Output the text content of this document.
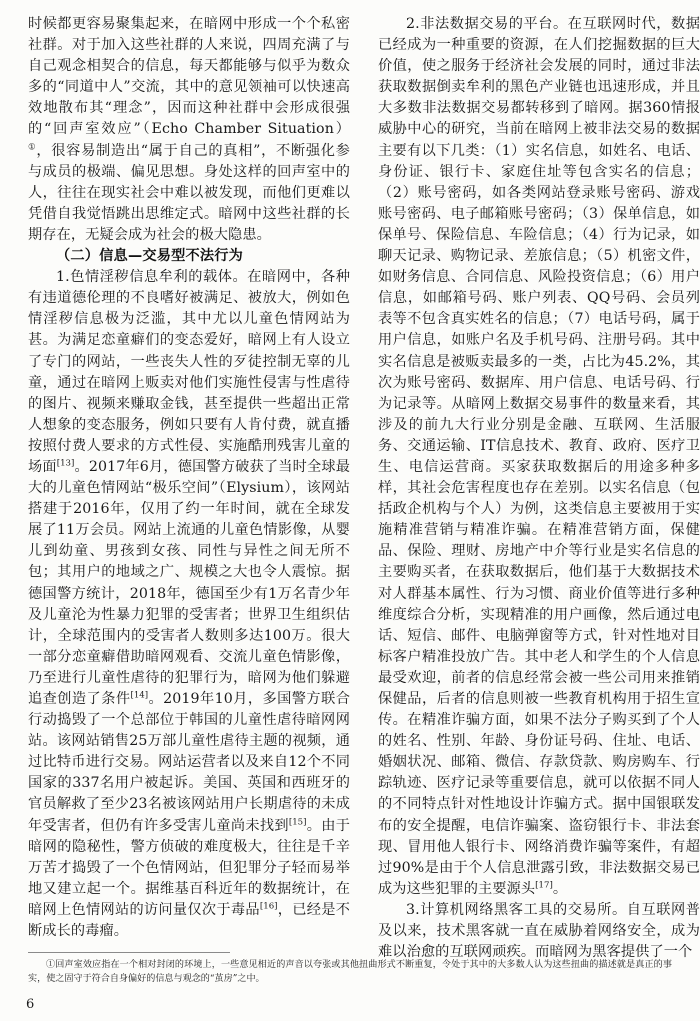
时候都更容易聚集起来，在暗网中形成一个个私密社群。对于加入这些社群的人来说，四周充满了与自己观念相契合的信息，每天都能够与似乎为数众多的“同道中人”交流，其中的意见领袖可以快速高效地散布其“理念”，因而这种社群中会形成很强的“回声室效应”（Echo Chamber Situation）①，很容易制造出“属于自己的真相”，不断强化参与成员的极端、偏见思想。身处这样的回声室中的人，往往在现实社会中难以被发现，而他们更难以凭借自我觉悟跳出思维定式。暗网中这些社群的长期存在，无疑会成为社会的极大隐患。

（二）信息—交易型不法行为

1.色情淫秽信息牟利的载体。在暗网中，各种有违道德伦理的不良嗜好被满足、被放大，例如色情淫秽信息极为泛滥，其中尤以儿童色情网站为甚。为满足恋童癖们的变态爱好，暗网上有人设立了专门的网站，一些丧失人性的歹徒控制无辜的儿童，通过在暗网上贩卖对他们实施性侵害与性虐待的图片、视频来赚取金钱，甚至提供一些超出正常人想象的变态服务，例如只要有人肯付费，就直播按照付费人要求的方式性侵、实施酷刑残害儿童的场面[13]。2017年6月，德国警方破获了当时全球最大的儿童色情网站“极乐空间”（Elysium），该网站搭建于2016年，仅用了约一年时间，就在全球发展了11万会员。网站上流通的儿童色情影像，从婴儿到幼童、男孩到女孩、同性与异性之间无所不包；其用户的地域之广、规模之大也令人震惊。据德国警方统计，2018年，德国至少有1万名青少年及儿童沦为性暴力犯罪的受害者；世界卫生组织估计，全球范围内的受害者人数则多达100万。很大一部分恋童癖借助暗网观看、交流儿童色情影像，乃至进行儿童性虐待的犯罪行为，暗网为他们躲避追查创造了条件[14]。2019年10月，多国警方联合行动捣毁了一个总部位于韩国的儿童性虐待暗网网站。该网站销售25万部儿童性虐待主题的视频，通过比特币进行交易。网站运营者以及来自12个不同国家的337名用户被起诉。美国、英国和西班牙的官员解救了至少23名被该网站用户长期虐待的未成年受害者，但仍有许多受害儿童尚未找到[15]。由于暗网的隐秘性，警方侦破的难度极大，往往是千辛万苦才捣毁了一个色情网站，但犯罪分子轻而易举地又建立起一个。据维基百科近年的数据统计，在暗网上色情网站的访问量仅次于毒品[16]，已经是不断成长的毒瘤。

2.非法数据交易的平台。在互联网时代，数据已经成为一种重要的资源，在人们挖掘数据的巨大价值，使之服务于经济社会发展的同时，通过非法获取数据倒卖牟利的黑色产业链也迅速形成，并且大多数非法数据交易都转移到了暗网。据360情报威胁中心的研究，当前在暗网上被非法交易的数据主要有以下几类：（1）实名信息，如姓名、电话、身份证、银行卡、家庭住址等包含实名的信息；（2）账号密码，如各类网站登录账号密码、游戏账号密码、电子邮箱账号密码；（3）保单信息，如保单号、保险信息、车险信息；（4）行为记录，如聊天记录、购物记录、差旅信息；（5）机密文件，如财务信息、合同信息、风险投资信息；（6）用户信息，如邮箱号码、账户列表、QQ号码、会员列表等不包含真实姓名的信息；（7）电话号码，属于用户信息，如账户名及手机号码、注册号码。其中实名信息是被贩卖最多的一类，占比为45.2%，其次为账号密码、数据库、用户信息、电话号码、行为记录等。从暗网上数据交易事件的数量来看，其涉及的前九大行业分别是金融、互联网、生活服务、交通运输、IT信息技术、教育、政府、医疗卫生、电信运营商。买家获取数据后的用途多种多样，其社会危害程度也存在差别。以实名信息（包括政企机构与个人）为例，这类信息主要被用于实施精准营销与精准诈骗。在精准营销方面，保健品、保险、理财、房地产中介等行业是实名信息的主要购买者，在获取数据后，他们基于大数据技术对人群基本属性、行为习惯、商业价值等进行多种维度综合分析，实现精准的用户画像，然后通过电话、短信、邮件、电脑弹窗等方式，针对性地对目标客户精准投放广告。其中老人和学生的个人信息最受欢迎，前者的信息经常会被一些公司用来推销保健品，后者的信息则被一些教育机构用于招生宣传。在精准诈骗方面，如果不法分子购买到了个人的姓名、性别、年龄、身份证号码、住址、电话、婚姻状况、邮箱、微信、存款贷款、购房购车、行踪轨迹、医疗记录等重要信息，就可以依据不同人的不同特点针对性地设计诈骗方式。据中国银联发布的安全提醒，电信诈骗案、盗窃银行卡、非法套现、冒用他人银行卡、网络消费诈骗等案件，有超过90%是由于个人信息泄露引致，非法数据交易已成为这些犯罪的主要源头[17]。

3.计算机网络黑客工具的交易所。自互联网普及以来，技术黑客就一直在威胁着网络安全，成为难以治愈的互联网顽疾。而暗网为黑客提供了一个

①回声室效应指在一个相对封闭的环境上，一些意见相近的声音以夸张或其他扭曲形式不断重复，令处于其中的大多数人认为这些扭曲的描述就是真正的事实，使之固守于符合自身偏好的信息与观念的“茧房”之中。

6
